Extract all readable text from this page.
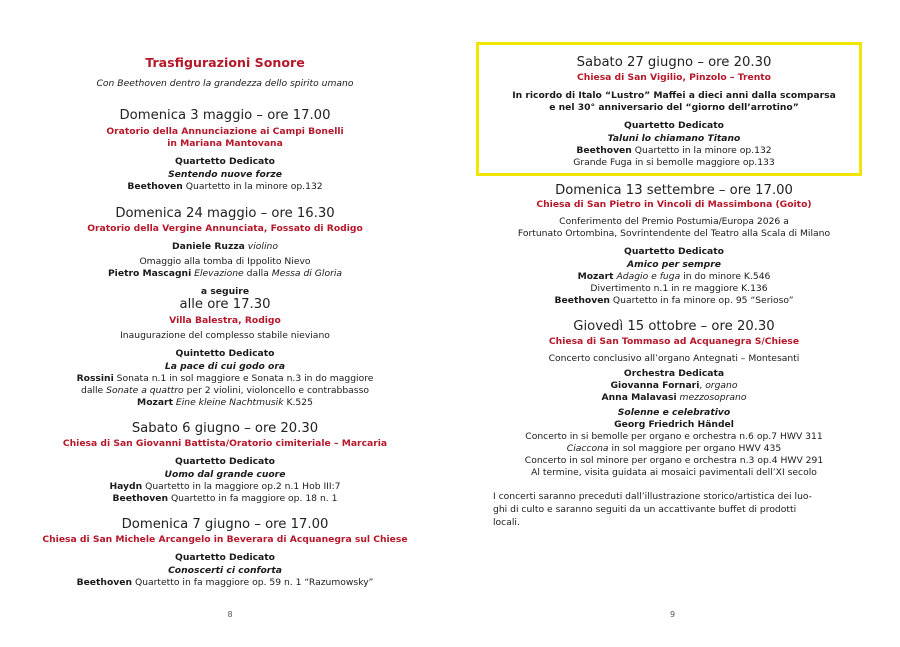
Trasfigurazioni Sonore
Con Beethoven dentro la grandezza dello spirito umano
Domenica 3 maggio – ore 17.00
Oratorio della Annunciazione ai Campi Bonelli
in Mariana Mantovana
Quartetto Dedicato
Sentendo nuove forze
Beethoven Quartetto in la minore op.132
Domenica 24 maggio – ore 16.30
Oratorio della Vergine Annunciata, Fossato di Rodigo
Daniele Ruzza violino
Omaggio alla tomba di Ippolito Nievo
Pietro Mascagni Elevazione dalla Messa di Gloria
a seguire
alle ore 17.30
Villa Balestra, Rodigo
Inaugurazione del complesso stabile nieviano
Quintetto Dedicato
La pace di cui godo ora
Rossini Sonata n.1 in sol maggiore e Sonata n.3 in do maggiore
dalle Sonate a quattro per 2 violini, violoncello e contrabbasso
Mozart Eine kleine Nachtmusik K.525
Sabato 6 giugno – ore 20.30
Chiesa di San Giovanni Battista/Oratorio cimiteriale – Marcaria
Quartetto Dedicato
Uomo dal grande cuore
Haydn Quartetto in la maggiore op.2 n.1 Hob III:7
Beethoven Quartetto in fa maggiore op. 18 n. 1
Domenica 7 giugno – ore 17.00
Chiesa di San Michele Arcangelo in Beverara di Acquanegra sul Chiese
Quartetto Dedicato
Conoscerti ci conforta
Beethoven Quartetto in fa maggiore op. 59 n. 1 “Razumowsky”
8
Sabato 27 giugno – ore 20.30
Chiesa di San Vigilio, Pinzolo – Trento
In ricordo di Italo “Lustro” Maffei a dieci anni dalla scomparsa
e nel 30° anniversario del “giorno dell’arrotino”
Quartetto Dedicato
Taluni lo chiamano Titano
Beethoven Quartetto in la minore op.132
Grande Fuga in si bemolle maggiore op.133
Domenica 13 settembre – ore 17.00
Chiesa di San Pietro in Vincoli di Massimbona (Goito)
Conferimento del Premio Postumia/Europa 2026 a
Fortunato Ortombina, Sovrintendente del Teatro alla Scala di Milano
Quartetto Dedicato
Amico per sempre
Mozart Adagio e fuga in do minore K.546
Divertimento n.1 in re maggiore K.136
Beethoven Quartetto in fa minore op. 95 “Serioso”
Giovedì 15 ottobre – ore 20.30
Chiesa di San Tommaso ad Acquanegra S/Chiese
Concerto conclusivo all’organo Antegnati – Montesanti
Orchestra Dedicata
Giovanna Fornari, organo
Anna Malavasi mezzosoprano
Solenne e celebrativo
Georg Friedrich Händel
Concerto in si bemolle per organo e orchestra n.6 op.7 HWV 311
Ciaccona in sol maggiore per organo HWV 435
Concerto in sol minore per organo e orchestra n.3 op.4 HWV 291
Al termine, visita guidata ai mosaici pavimentali dell’XI secolo
9
I concerti saranno preceduti dall’illustrazione storico/artistica dei luo-
ghi di culto e saranno seguiti da un accattivante buffet di prodotti
locali.
